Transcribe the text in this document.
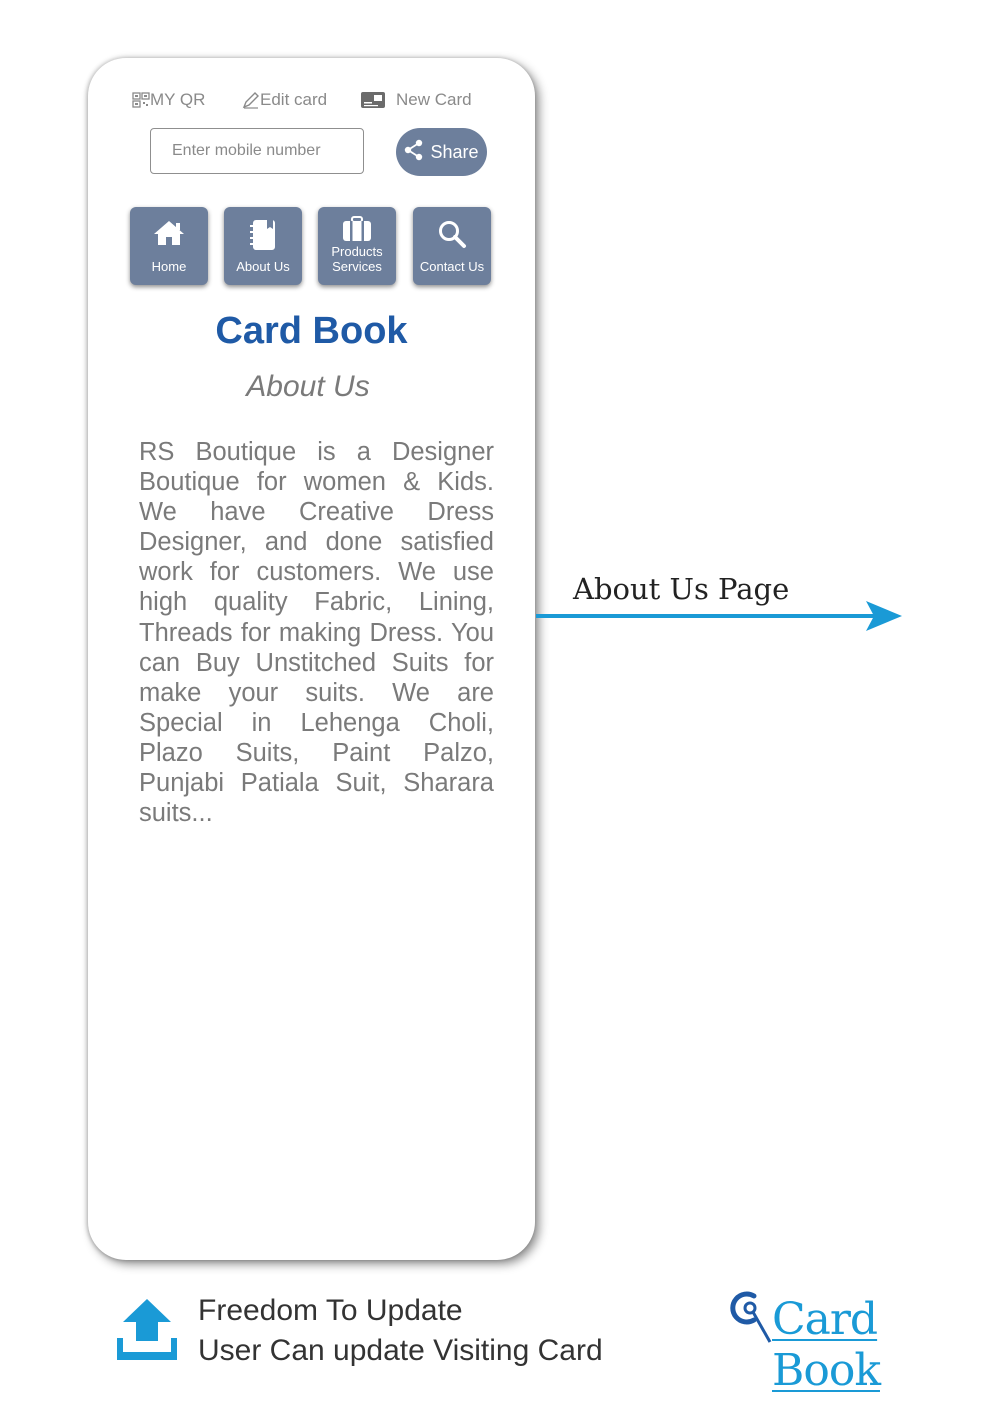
MY QR	Edit card	New Card
Enter mobile number
Share
Home	About Us
Products
Services	Contact Us
Card Book
About Us
RS Boutique is a Designer Boutique for women & Kids. We have Creative Dress Designer, and done satisfied work for customers. We use high quality Fabric, Lining, Threads for making Dress. You can Buy Unstitched Suits for make your suits. We are Special in Lehenga Choli, Plazo Suits, Paint Palzo, Punjabi Patiala Suit, Sharara suits...
About Us Page
Freedom To Update
User Can update Visiting Card
Card Book
